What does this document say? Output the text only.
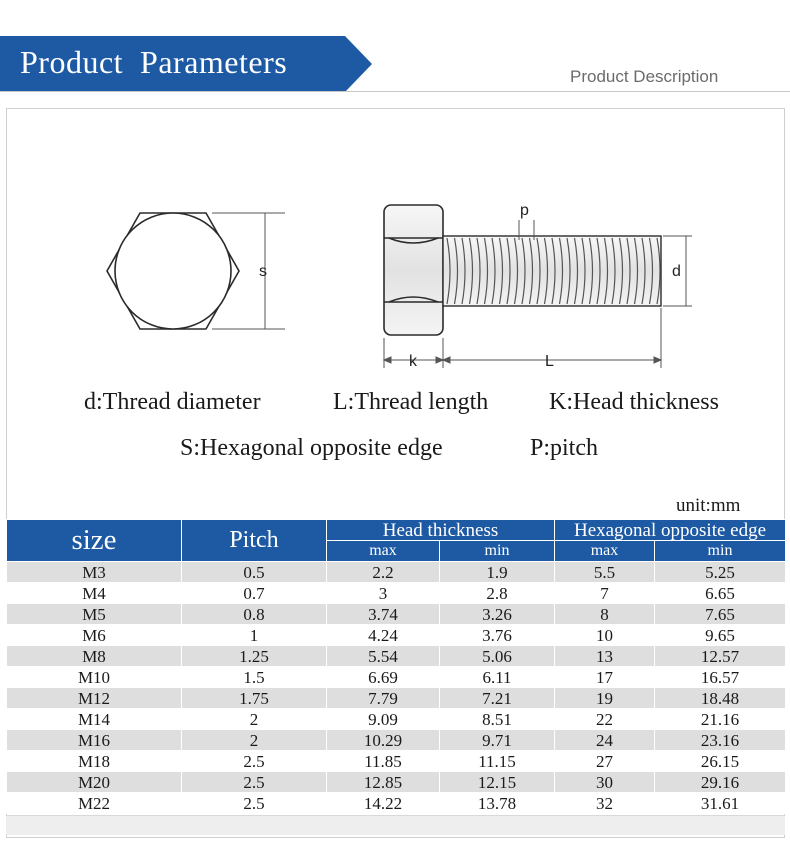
Product  Parameters	Product Description
s
p
d
k	L
d:Thread diameter	L:Thread length	K:Head thickness
S:Hexagonal opposite edge	P:pitch
unit:mm
size	Pitch	Head thickness		Hexagonal opposite edge	
		max	min	max	min
M3	0.5	2.2	1.9	5.5	5.25
M4	0.7	3	2.8	7	6.65
M5	0.8	3.74	3.26	8	7.65
M6	1	4.24	3.76	10	9.65
M8	1.25	5.54	5.06	13	12.57
M10	1.5	6.69	6.11	17	16.57
M12	1.75	7.79	7.21	19	18.48
M14	2	9.09	8.51	22	21.16
M16	2	10.29	9.71	24	23.16
M18	2.5	11.85	11.15	27	26.15
M20	2.5	12.85	12.15	30	29.16
M22	2.5	14.22	13.78	32	31.61
